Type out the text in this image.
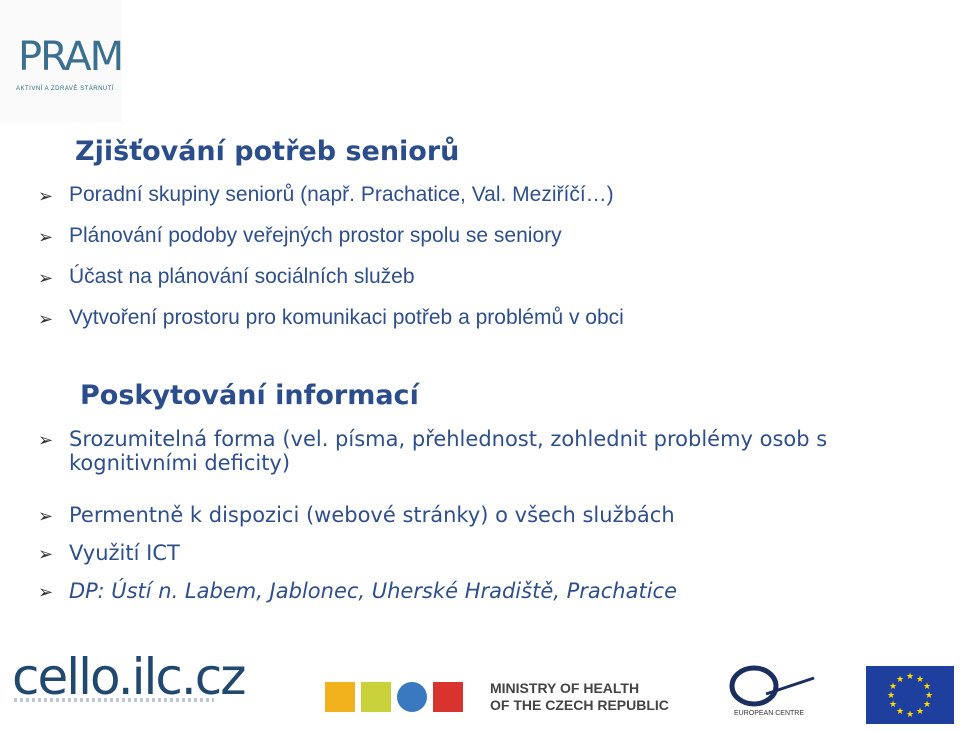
PRAM
AKTIVNÍ A ZDRAVÉ STÁRNUTÍ
Zjišťování potřeb seniorů
➢ Poradní skupiny seniorů (např. Prachatice, Val. Meziříčí…)
➢ Plánování podoby veřejných prostor spolu se seniory
➢ Účast na plánování sociálních služeb
➢ Vytvoření prostoru pro komunikaci potřeb a problémů v obci
Poskytování informací
➢ Srozumitelná forma (vel. písma, přehlednost, zohlednit problémy osob s kognitivními deficity)
➢ Permentně k dispozici (webové stránky) o všech službách
➢ Využití ICT
➢ DP: Ústí n. Labem, Jablonec, Uherské Hradiště, Prachatice
cello.ilc.cz	MINISTRY OF HEALTH
OF THE CZECH REPUBLIC
EUROPEAN CENTRE
★ ★
★
★
★
★
★
★
★
★
★
★
